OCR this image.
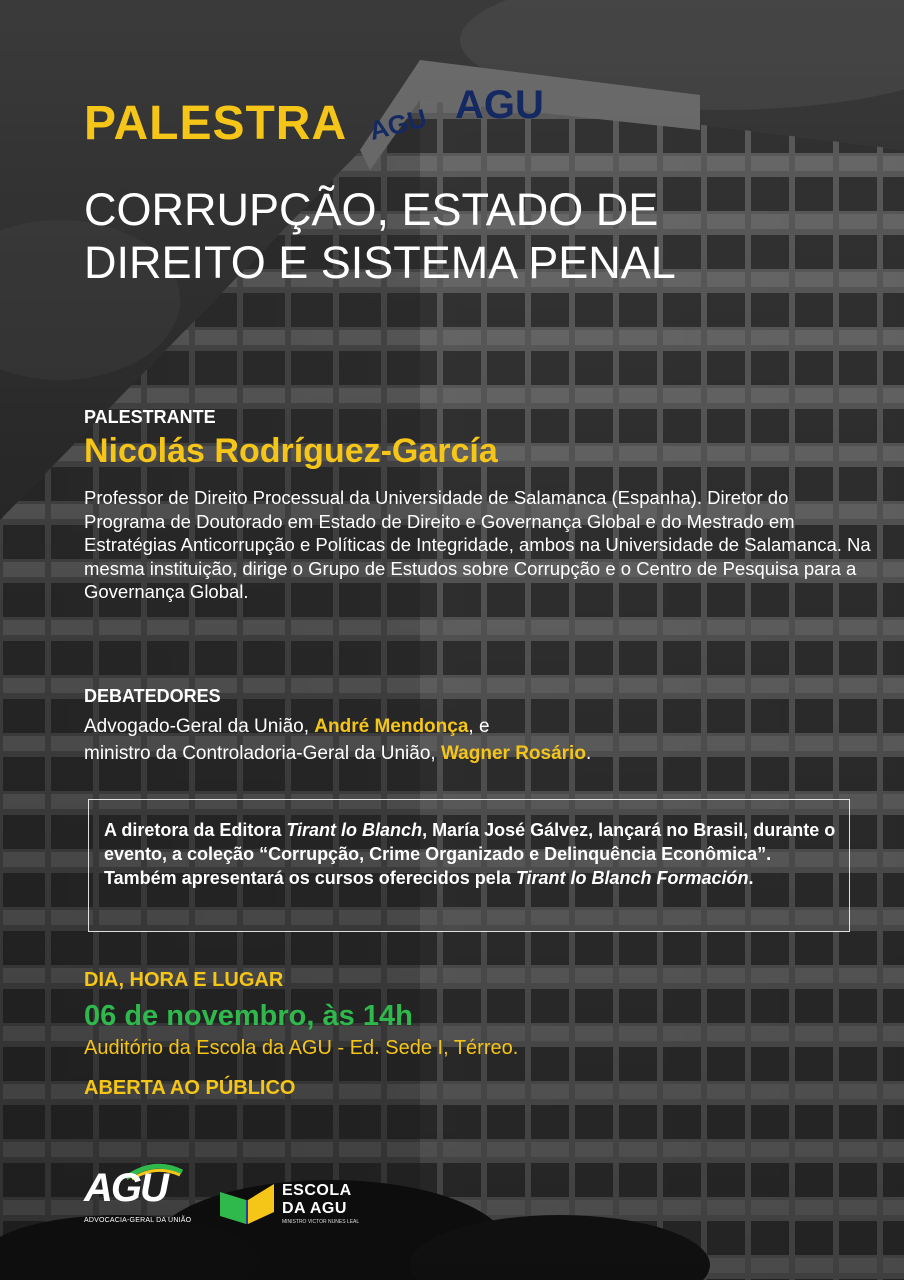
PALESTRA
CORRUPÇÃO, ESTADO DE DIREITO E SISTEMA PENAL
PALESTRANTE
Nicolás Rodríguez-García
Professor de Direito Processual da Universidade de Salamanca (Espanha). Diretor do Programa de Doutorado em Estado de Direito e Governança Global e do Mestrado em Estratégias Anticorrupção e Políticas de Integridade, ambos na Universidade de Salamanca. Na mesma instituição, dirige o Grupo de Estudos sobre Corrupção e o Centro de Pesquisa para a Governança Global.
DEBATEDORES
Advogado-Geral da União, André Mendonça, e
ministro da Controladoria-Geral da União, Wagner Rosário.
A diretora da Editora Tirant lo Blanch, María José Gálvez, lançará no Brasil, durante o evento, a coleção “Corrupção, Crime Organizado e Delinquência Econômica”. Também apresentará os cursos oferecidos pela Tirant lo Blanch Formación.
DIA, HORA E LUGAR
06 de novembro, às 14h
Auditório da Escola da AGU - Ed. Sede I, Térreo.
ABERTA AO PÚBLICO
AGU
ADVOCACIA-GERAL DA UNIÃO
ESCOLA
DA AGU
MINISTRO VICTOR NUNES LEAL
